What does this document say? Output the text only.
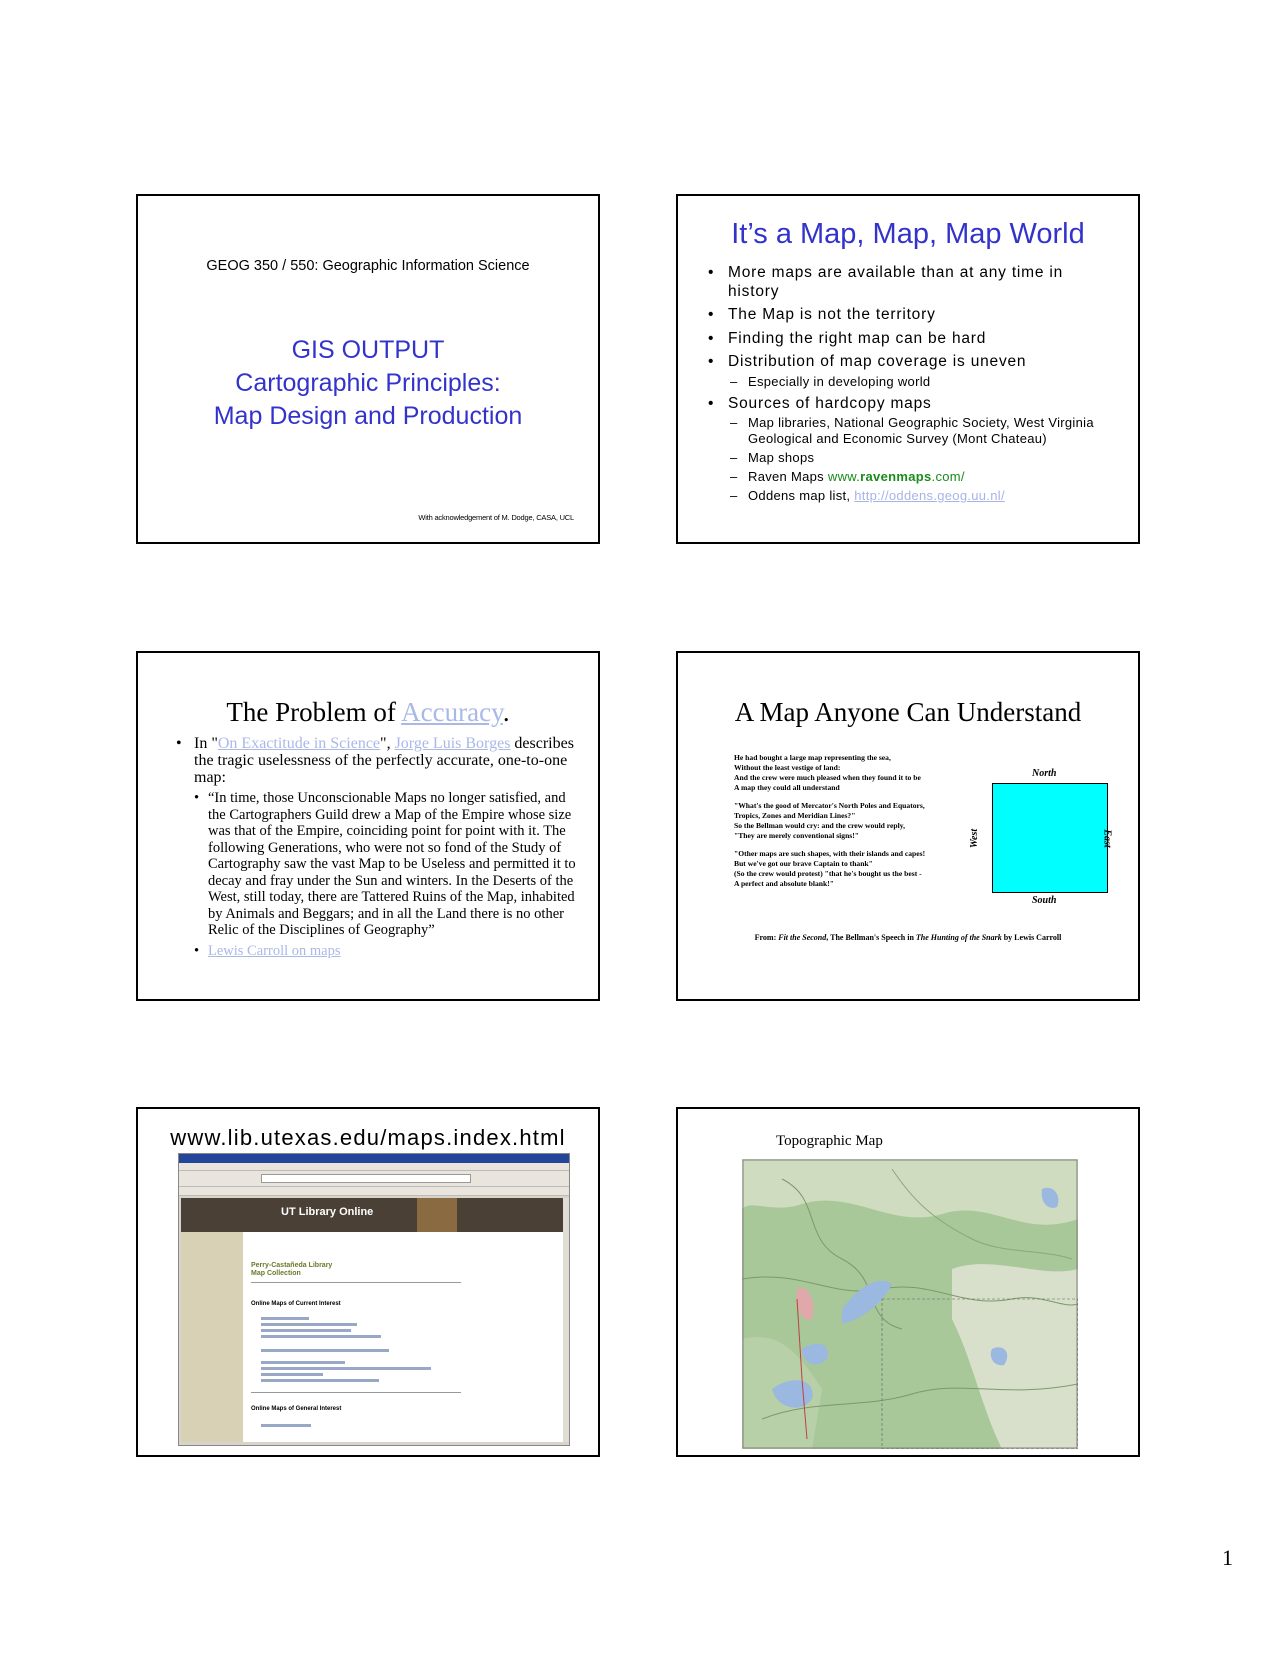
GEOG 350 / 550: Geographic Information Science
GIS OUTPUT
Cartographic Principles:
Map Design and Production
With acknowledgement of M. Dodge, CASA, UCL
It’s a Map, Map, Map World
• More maps are available than at any time in history
• The Map is not the territory
• Finding the right map can be hard
• Distribution of map coverage is uneven
– Especially in developing world
• Sources of hardcopy maps
– Map libraries, National Geographic Society, West Virginia Geological and Economic Survey (Mont Chateau)
– Map shops
– Raven Maps www.ravenmaps.com/
– Oddens map list, http://oddens.geog.uu.nl/
The Problem of Accuracy.
• In "On Exactitude in Science", Jorge Luis Borges describes the tragic uselessness of the perfectly accurate, one-to-one map:
• “In time, those Unconscionable Maps no longer satisfied, and the Cartographers Guild drew a Map of the Empire whose size was that of the Empire, coinciding point for point with it. The following Generations, who were not so fond of the Study of Cartography saw the vast Map to be Useless and permitted it to decay and fray under the Sun and winters. In the Deserts of the West, still today, there are Tattered Ruins of the Map, inhabited by Animals and Beggars; and in all the Land there is no other Relic of the Disciplines of Geography”
• Lewis Carroll on maps
A Map Anyone Can Understand

He had bought a large map representing the sea,
Without the least vestige of land:
And the crew were much pleased when they found it to be
A map they could all understand

"What's the good of Mercator's North Poles and Equators,
Tropics, Zones and Meridian Lines?"
So the Bellman would cry: and the crew would reply,
"They are merely conventional signs!"

"Other maps are such shapes, with their islands and capes!
But we've got our brave Captain to thank"
(So the crew would protest) "that he's bought us the best -
A perfect and absolute blank!"

North
South
West	East
From: Fit the Second, The Bellman's Speech in The Hunting of the Snark by Lewis Carroll
www.lib.utexas.edu/maps.index.html
UT Library Online
Perry-Castañeda Library
Map Collection
Online Maps of Current Interest
Online Maps of General Interest
Topographic Map
1
